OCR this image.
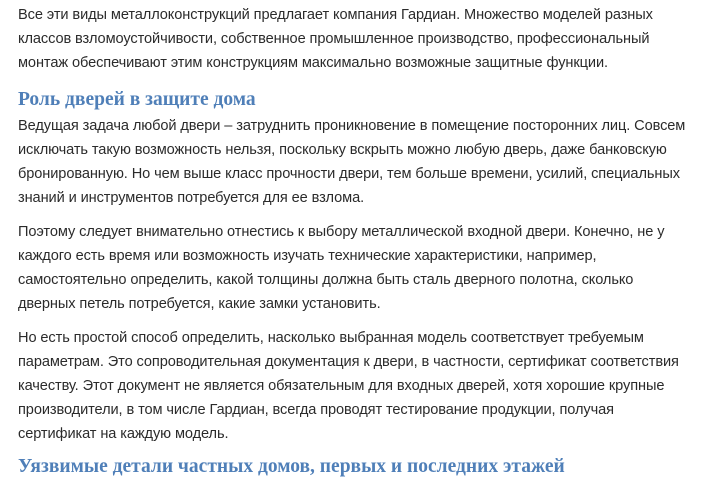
Все эти виды металлоконструкций предлагает компания Гардиан. Множество моделей разных
классов взломоустойчивости, собственное промышленное производство, профессиональный
монтаж обеспечивают этим конструкциям максимально возможные защитные функции.
Роль дверей в защите дома
Ведущая задача любой двери – затруднить проникновение в помещение посторонних лиц. Совсем
исключать такую возможность нельзя, поскольку вскрыть можно любую дверь, даже банковскую
бронированную. Но чем выше класс прочности двери, тем больше времени, усилий, специальных
знаний и инструментов потребуется для ее взлома.
Поэтому следует внимательно отнестись к выбору металлической входной двери. Конечно, не у
каждого есть время или возможность изучать технические характеристики, например,
самостоятельно определить, какой толщины должна быть сталь дверного полотна, сколько
дверных петель потребуется, какие замки установить.
Но есть простой способ определить, насколько выбранная модель соответствует требуемым
параметрам. Это сопроводительная документация к двери, в частности, сертификат соответствия
качеству. Этот документ не является обязательным для входных дверей, хотя хорошие крупные
производители, в том числе Гардиан, всегда проводят тестирование продукции, получая
сертификат на каждую модель.
Уязвимые детали частных домов, первых и последних этажей
